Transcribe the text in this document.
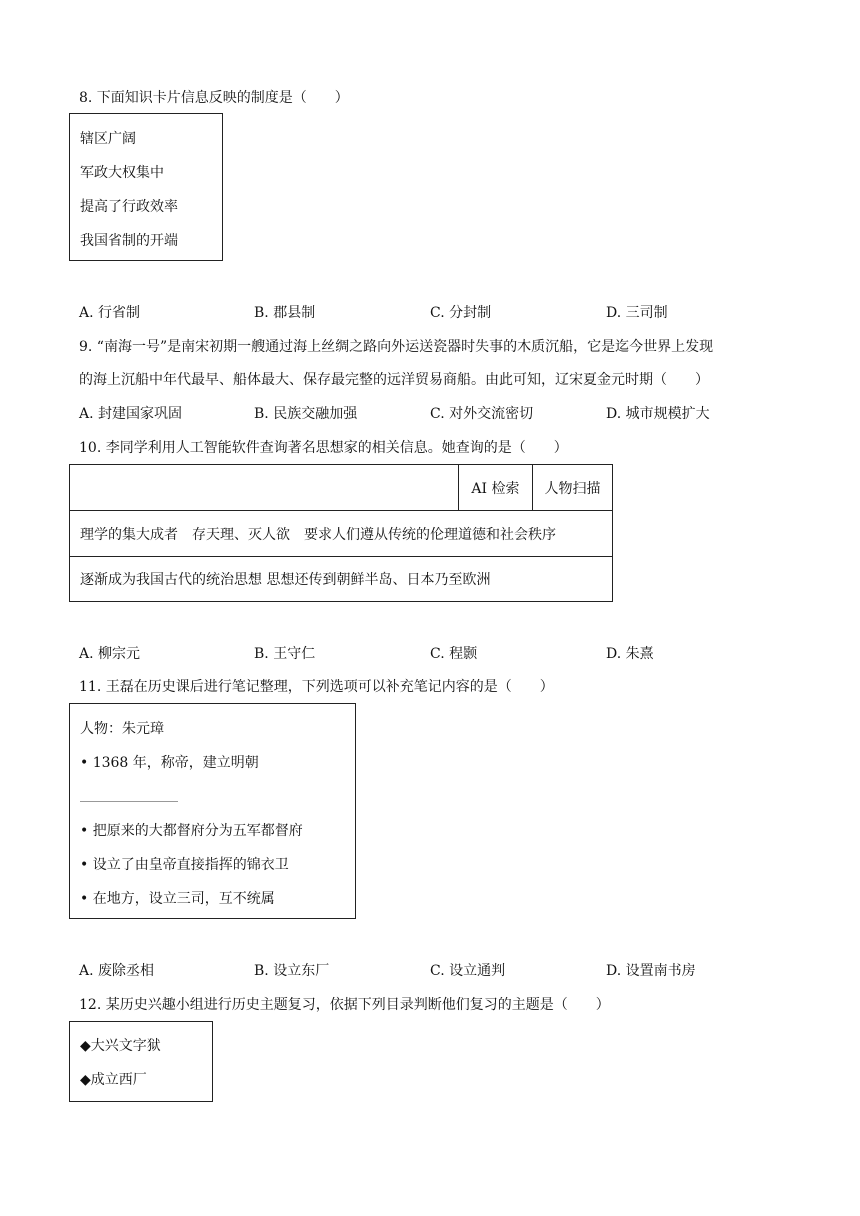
8. 下面知识卡片信息反映的制度是（　　）
辖区广阔
军政大权集中
提高了行政效率
我国省制的开端
A. 行省制	B. 郡县制	C. 分封制	D. 三司制
9. “南海一号”是南宋初期一艘通过海上丝绸之路向外运送瓷器时失事的木质沉船，它是迄今世界上发现
的海上沉船中年代最早、船体最大、保存最完整的远洋贸易商船。由此可知，辽宋夏金元时期（　　）
A. 封建国家巩固	B. 民族交融加强	C. 对外交流密切	D. 城市规模扩大
10. 李同学利用人工智能软件查询著名思想家的相关信息。她查询的是（　　）
	AI 检索	人物扫描
理学的集大成者　存天理、灭人欲　要求人们遵从传统的伦理道德和社会秩序
逐渐成为我国古代的统治思想 思想还传到朝鲜半岛、日本乃至欧洲
A. 柳宗元	B. 王守仁	C. 程颢	D. 朱熹
11. 王磊在历史课后进行笔记整理，下列选项可以补充笔记内容的是（　　）
人物：朱元璋
• 1368 年，称帝，建立明朝
• 把原来的大都督府分为五军都督府
• 设立了由皇帝直接指挥的锦衣卫
• 在地方，设立三司，互不统属
A. 废除丞相	B. 设立东厂	C. 设立通判	D. 设置南书房
12. 某历史兴趣小组进行历史主题复习，依据下列目录判断他们复习的主题是（　　）
◆大兴文字狱
◆成立西厂
